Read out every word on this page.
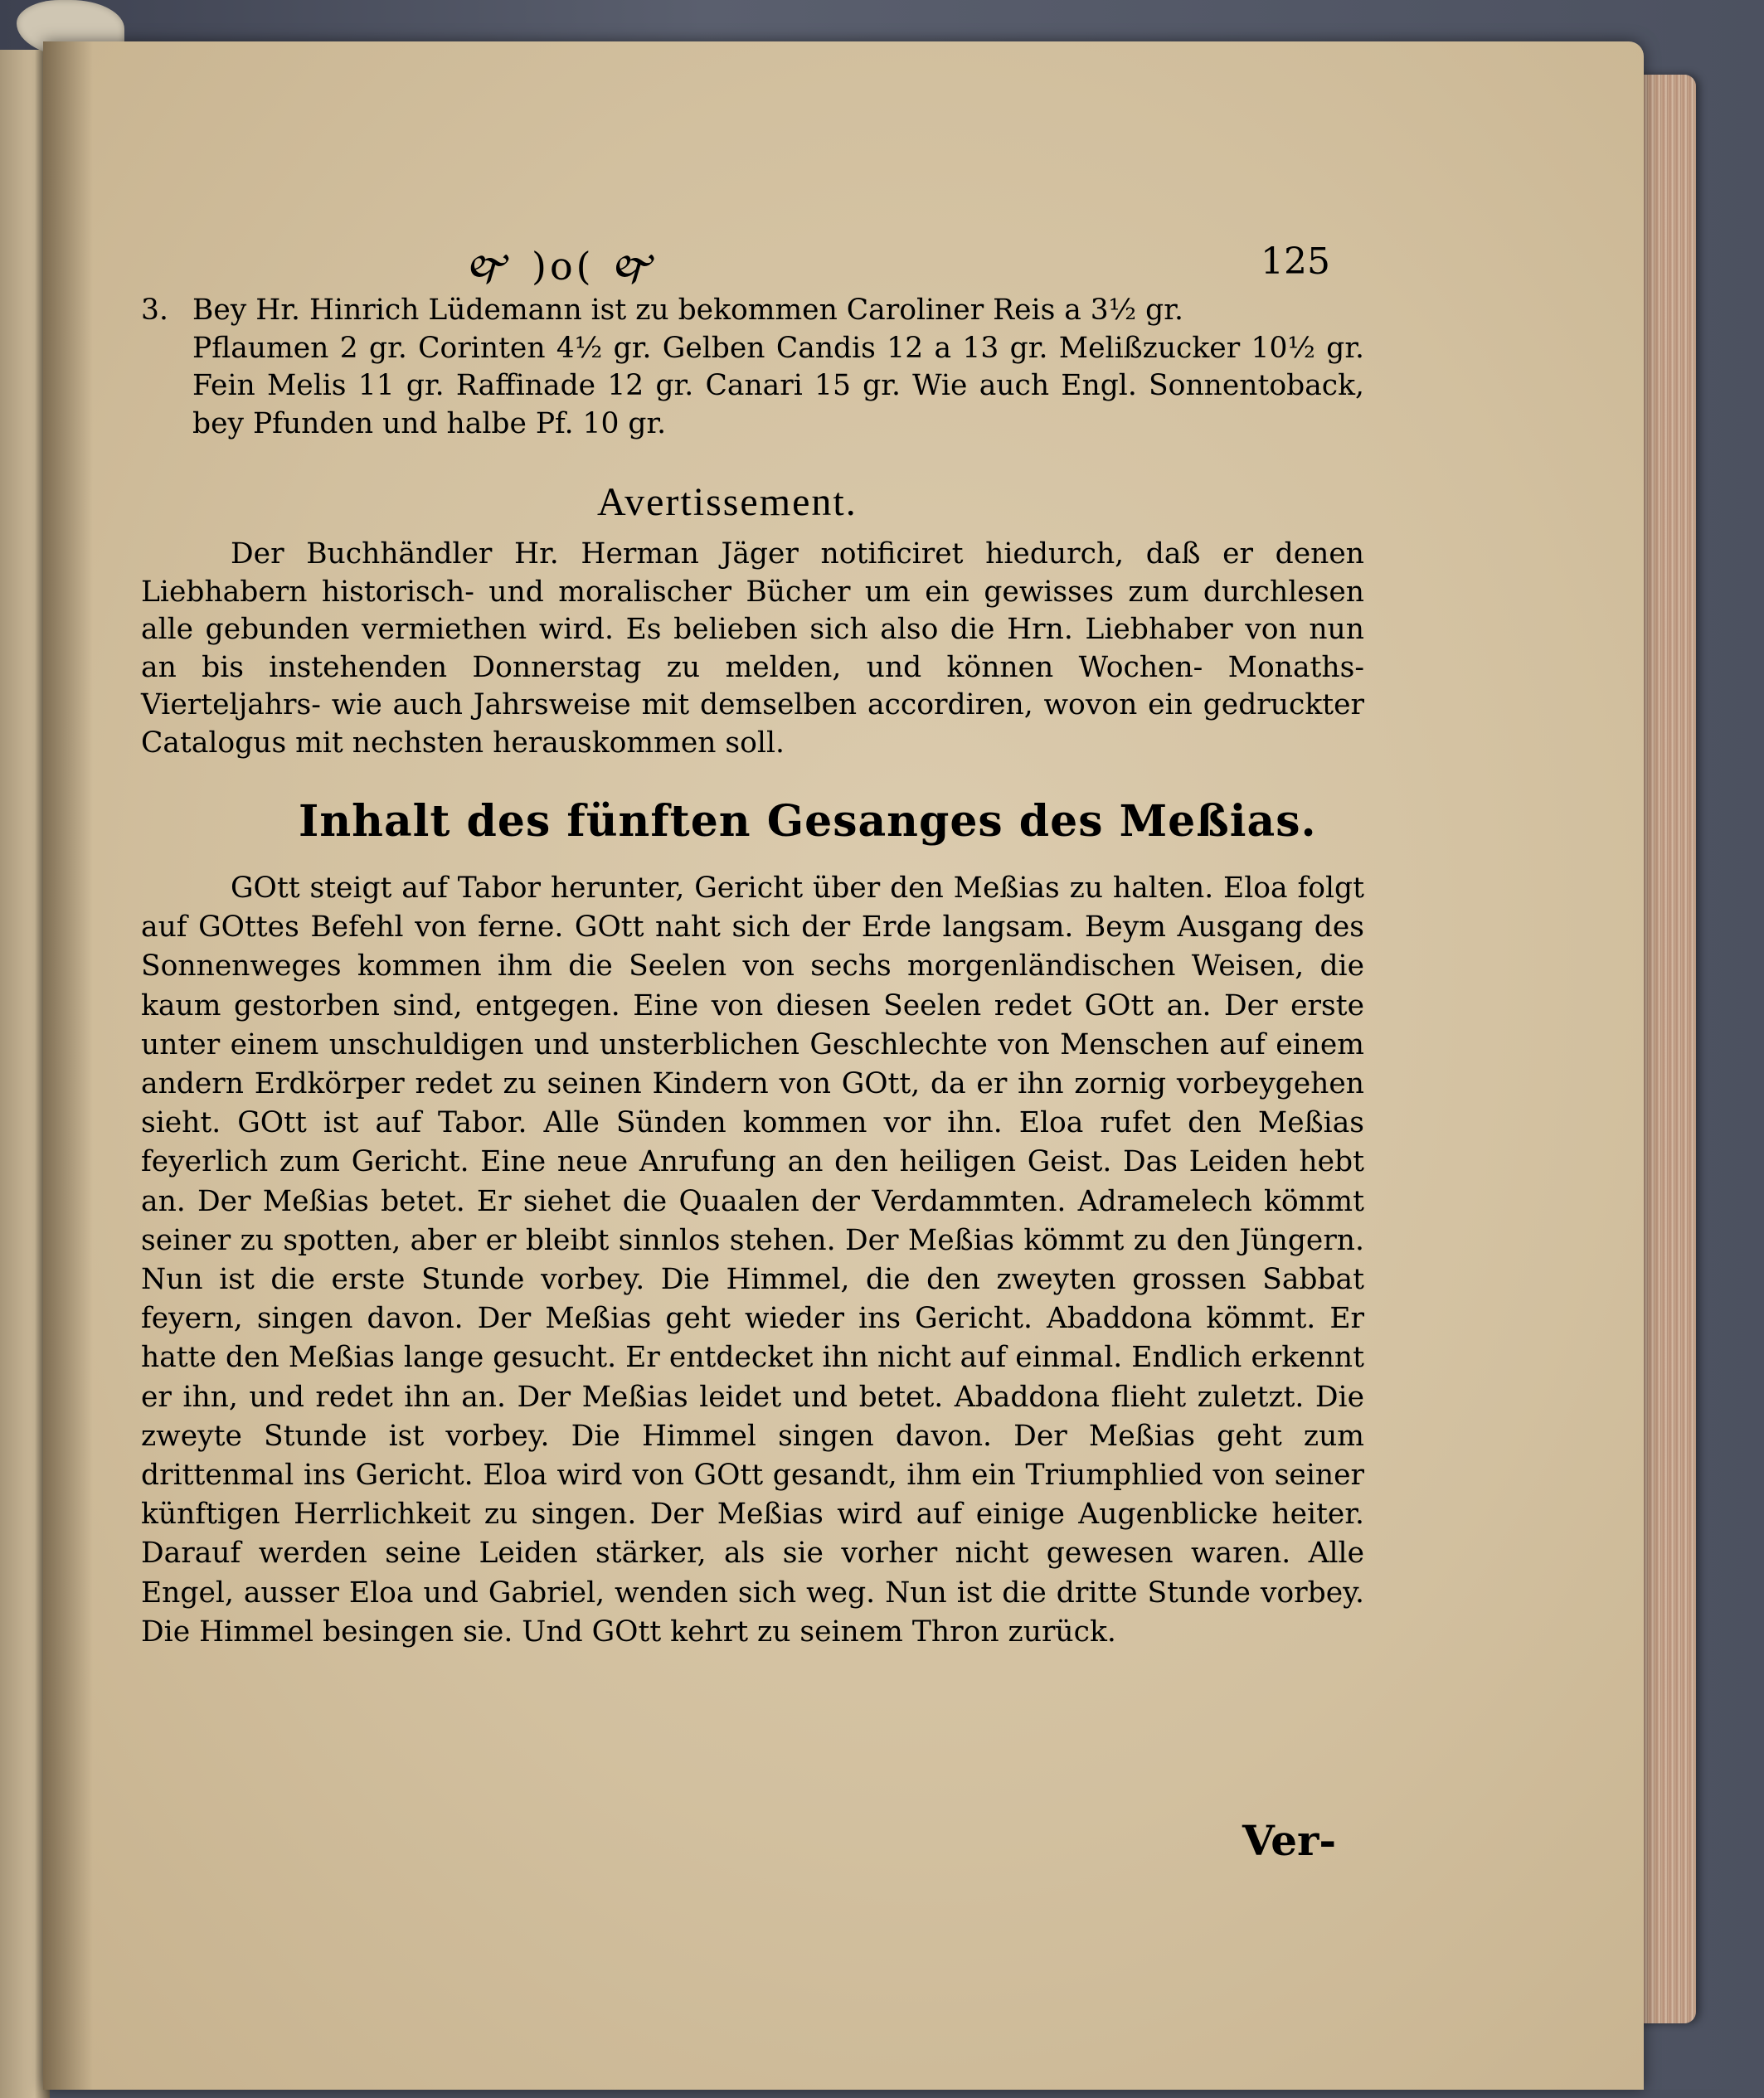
🙰 )o( 🙰	125
3. Bey Hr. Hinrich Lüdemann ist zu bekommen Caroliner Reis a 3½ gr.
Pflaumen 2 gr. Corinten 4½ gr. Gelben Candis 12 a 13 gr. Melißzucker 10½ gr. Fein Melis 11 gr. Raffinade 12 gr. Canari 15 gr. Wie auch Engl. Sonnentoback, bey Pfunden und halbe Pf. 10 gr.
Avertissement.
Der Buchhändler Hr. Herman Jäger notificiret hiedurch, daß er denen Liebhabern historisch- und moralischer Bücher um ein gewisses zum durchlesen alle gebunden vermiethen wird. Es belieben sich also die Hrn. Liebhaber von nun an bis instehenden Donnerstag zu melden, und können Wochen- Monaths- Vierteljahrs- wie auch Jahrsweise mit demselben accordiren, wovon ein gedruckter Catalogus mit nechsten herauskommen soll.
Inhalt des fünften Gesanges des Meßias.
GOtt steigt auf Tabor herunter, Gericht über den Meßias zu halten. Eloa folgt auf GOttes Befehl von ferne. GOtt naht sich der Erde langsam. Beym Ausgang des Sonnenweges kommen ihm die Seelen von sechs morgenländischen Weisen, die kaum gestorben sind, entgegen. Eine von diesen Seelen redet GOtt an. Der erste unter einem unschuldigen und unsterblichen Geschlechte von Menschen auf einem andern Erdkörper redet zu seinen Kindern von GOtt, da er ihn zornig vorbeygehen sieht. GOtt ist auf Tabor. Alle Sünden kommen vor ihn. Eloa rufet den Meßias feyerlich zum Gericht. Eine neue Anrufung an den heiligen Geist. Das Leiden hebt an. Der Meßias betet. Er siehet die Quaalen der Verdammten. Adramelech kömmt seiner zu spotten, aber er bleibt sinnlos stehen. Der Meßias kömmt zu den Jüngern. Nun ist die erste Stunde vorbey. Die Himmel, die den zweyten grossen Sabbat feyern, singen davon. Der Meßias geht wieder ins Gericht. Abaddona kömmt. Er hatte den Meßias lange gesucht. Er entdecket ihn nicht auf einmal. Endlich erkennt er ihn, und redet ihn an. Der Meßias leidet und betet. Abaddona flieht zuletzt. Die zweyte Stunde ist vorbey. Die Himmel singen davon. Der Meßias geht zum drittenmal ins Gericht. Eloa wird von GOtt gesandt, ihm ein Triumphlied von seiner künftigen Herrlichkeit zu singen. Der Meßias wird auf einige Augenblicke heiter. Darauf werden seine Leiden stärker, als sie vorher nicht gewesen waren. Alle Engel, ausser Eloa und Gabriel, wenden sich weg. Nun ist die dritte Stunde vorbey. Die Himmel besingen sie. Und GOtt kehrt zu seinem Thron zurück.
Ver-
